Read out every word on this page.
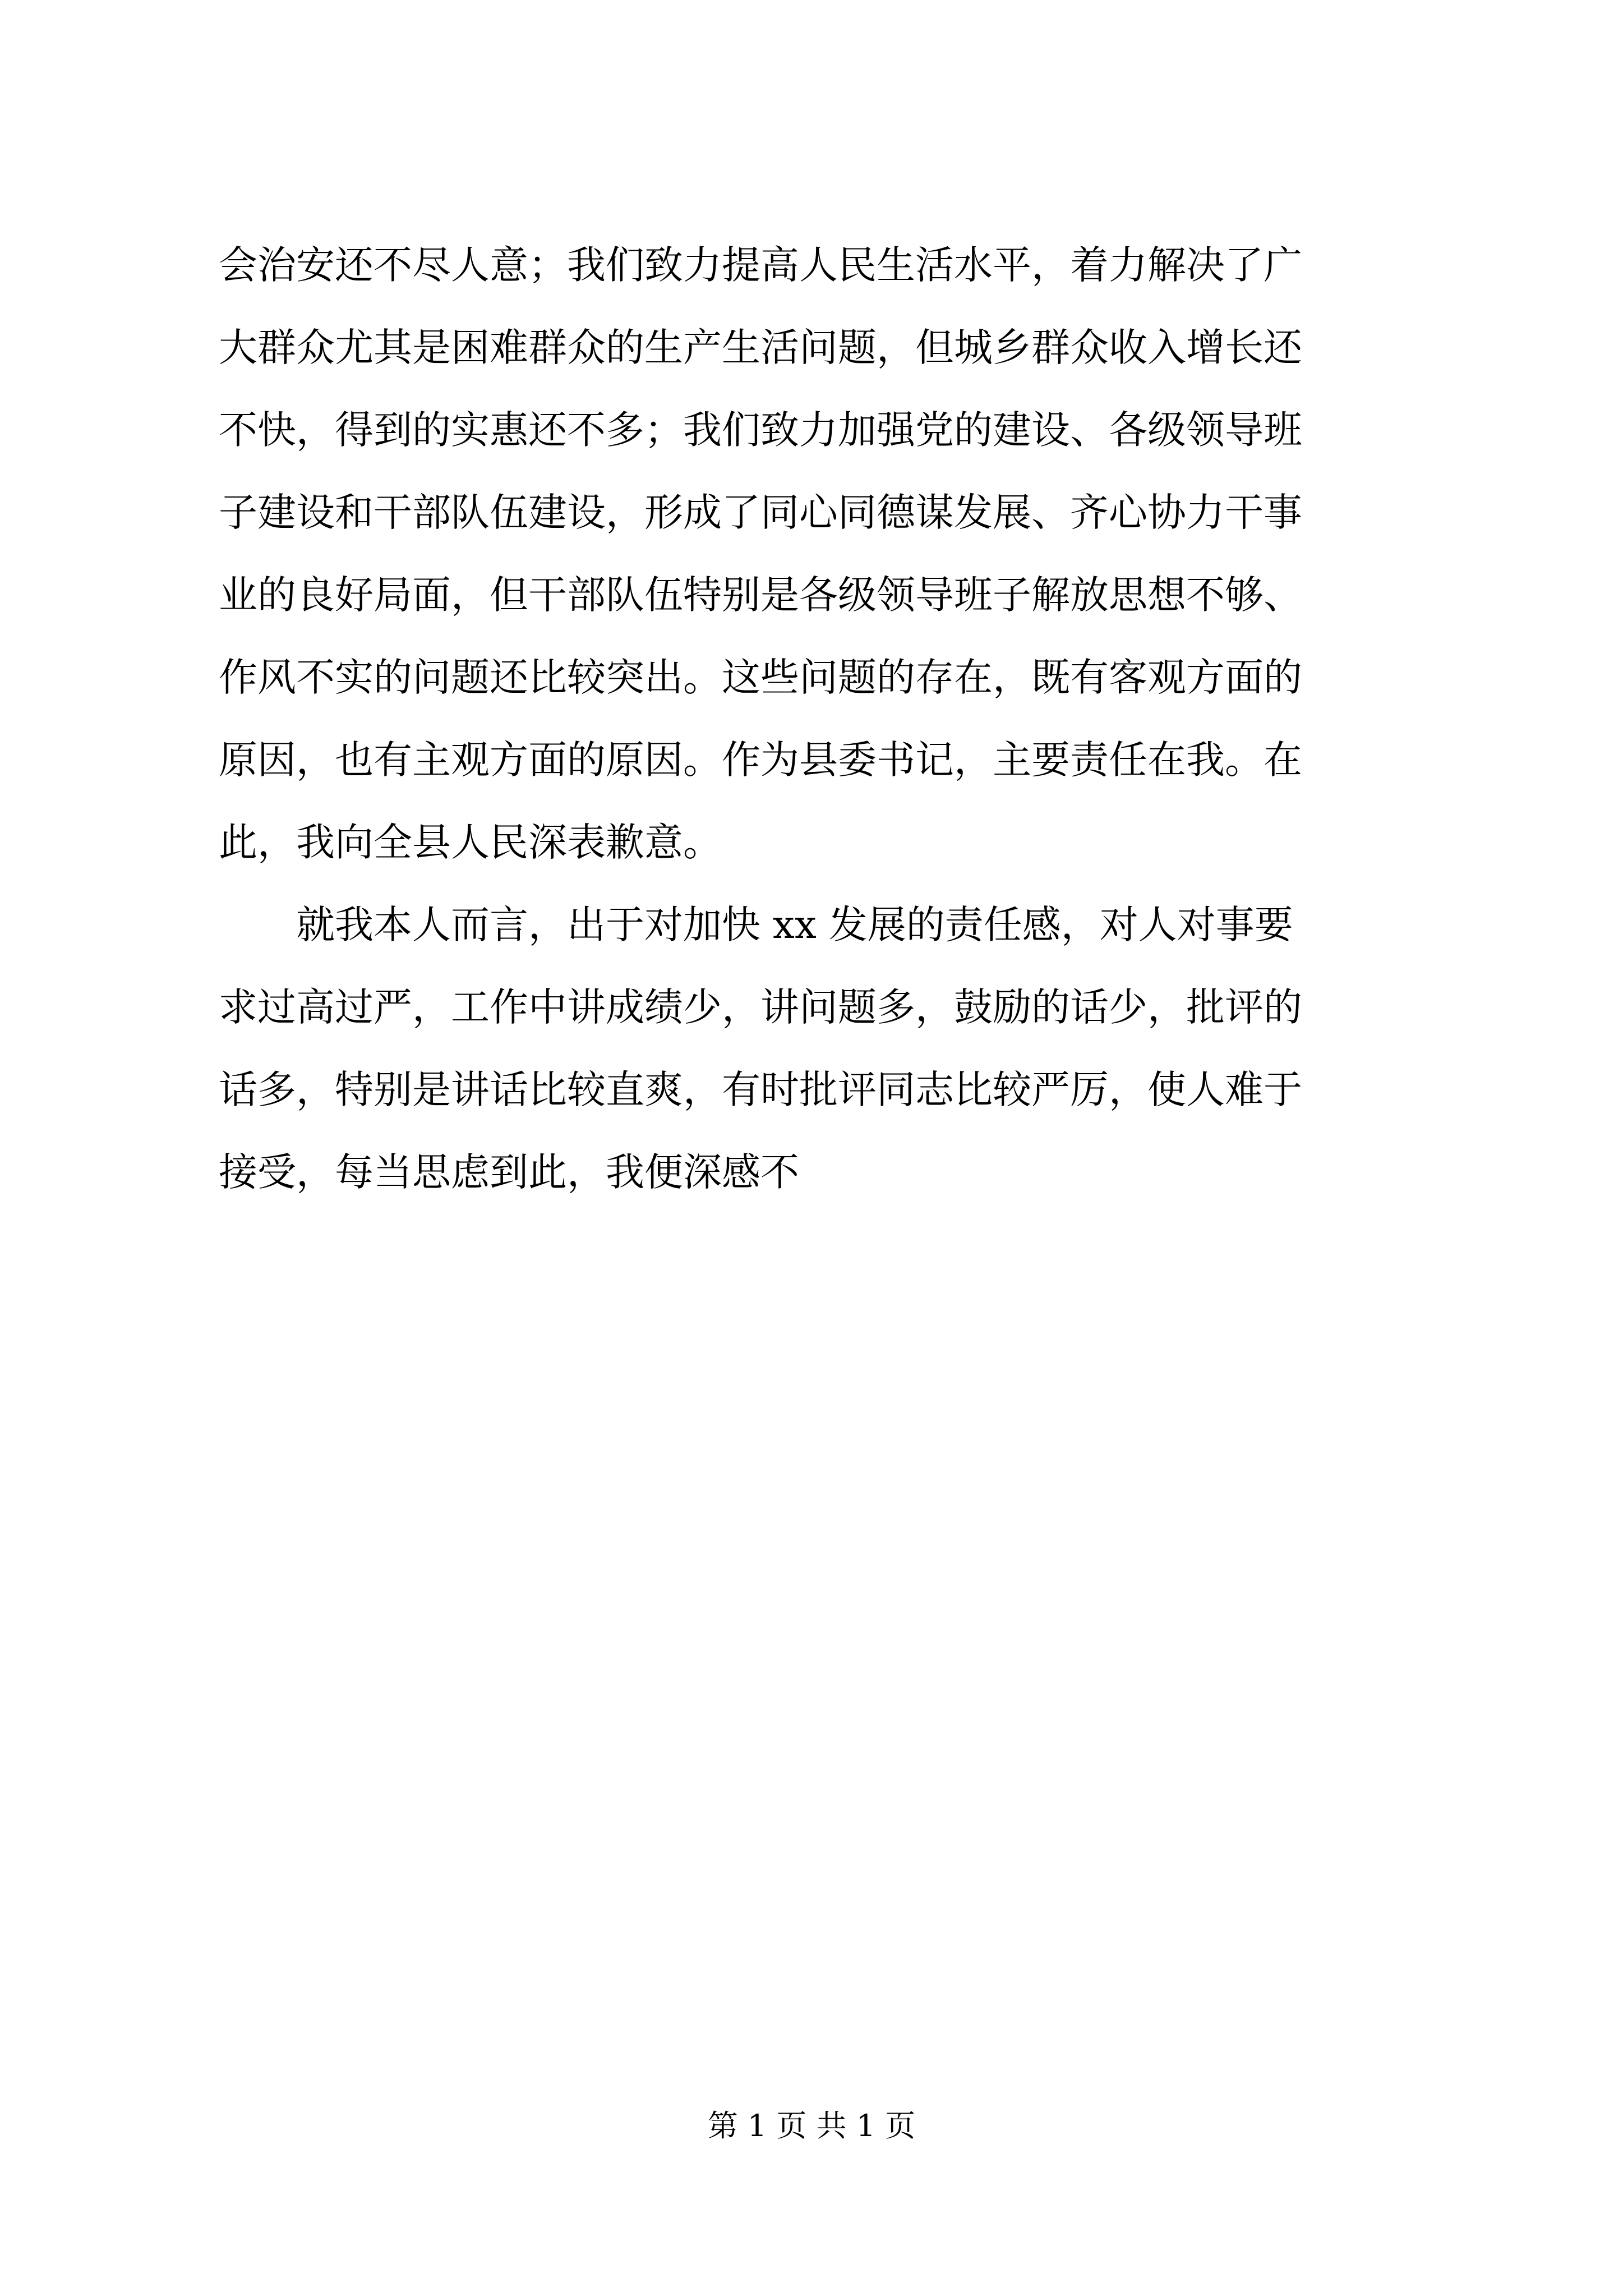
会治安还不尽人意；我们致力提高人民生活水平，着力解决了广
大群众尤其是困难群众的生产生活问题，但城乡群众收入增长还
不快，得到的实惠还不多；我们致力加强党的建设、各级领导班
子建设和干部队伍建设，形成了同心同德谋发展、齐心协力干事
业的良好局面，但干部队伍特别是各级领导班子解放思想不够、
作风不实的问题还比较突出。这些问题的存在，既有客观方面的
原因，也有主观方面的原因。作为县委书记，主要责任在我。在
此，我向全县人民深表歉意。
　　就我本人而言，出于对加快 xx 发展的责任感，对人对事要
求过高过严，工作中讲成绩少，讲问题多，鼓励的话少，批评的
话多，特别是讲话比较直爽，有时批评同志比较严厉，使人难于
接受，每当思虑到此，我便深感不
第 1 页 共 1 页
